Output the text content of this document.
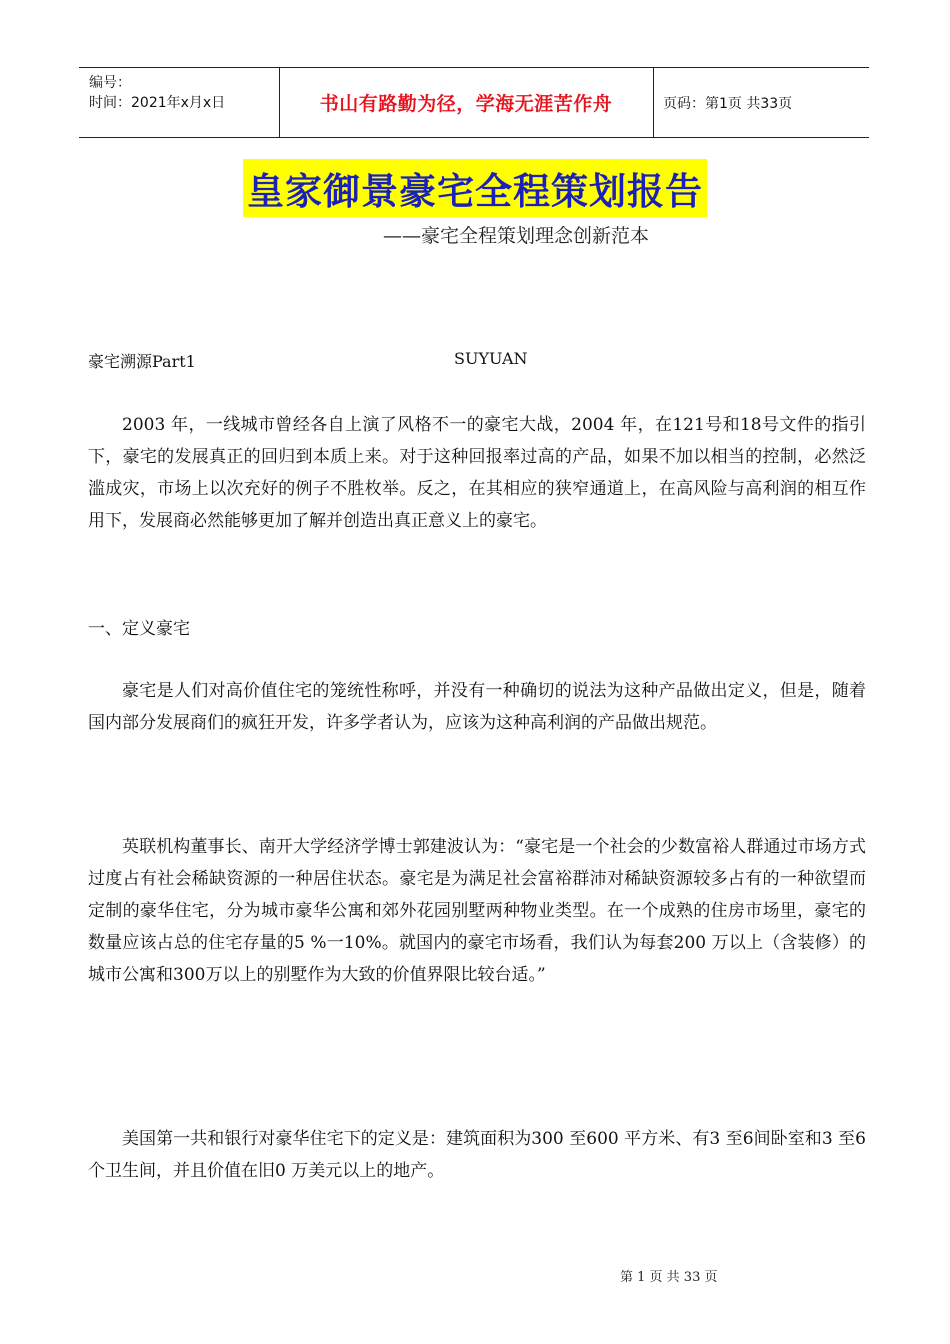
编号：
时间：2021年x月x日	书山有路勤为径，学海无涯苦作舟	页码：第1页 共33页
皇家御景豪宅全程策划报告
——豪宅全程策划理念创新范本
豪宅溯源Part1	SUYUAN

2003 年，一线城市曾经各自上演了风格不一的豪宅大战，2004 年，在121号和18号文件的指引下，豪宅的发展真正的回归到本质上来。对于这种回报率过高的产品，如果不加以相当的控制，必然泛滥成灾，市场上以次充好的例子不胜枚举。反之，在其相应的狭窄通道上，在高风险与高利润的相互作用下，发展商必然能够更加了解并创造出真正意义上的豪宅。

一、定义豪宅

豪宅是人们对高价值住宅的笼统性称呼，并没有一种确切的说法为这种产品做出定义，但是，随着国内部分发展商们的疯狂开发，许多学者认为，应该为这种高利润的产品做出规范。

英联机构董事长、南开大学经济学博士郭建波认为：“豪宅是一个社会的少数富裕人群通过市场方式过度占有社会稀缺资源的一种居住状态。豪宅是为满足社会富裕群沛对稀缺资源较多占有的一种欲望而定制的豪华住宅，分为城市豪华公寓和郊外花园别墅两种物业类型。在一个成熟的住房市场里，豪宅的数量应该占总的住宅存量的5 %一10%。就国内的豪宅市场看，我们认为每套200 万以上（含装修）的城市公寓和300万以上的别墅作为大致的价值界限比较台适。”

美国第一共和银行对豪华住宅下的定义是：建筑面积为300 至600 平方米、有3 至6间卧室和3 至6 个卫生间，并且价值在旧0 万美元以上的地产。

第 1 页 共 33 页
